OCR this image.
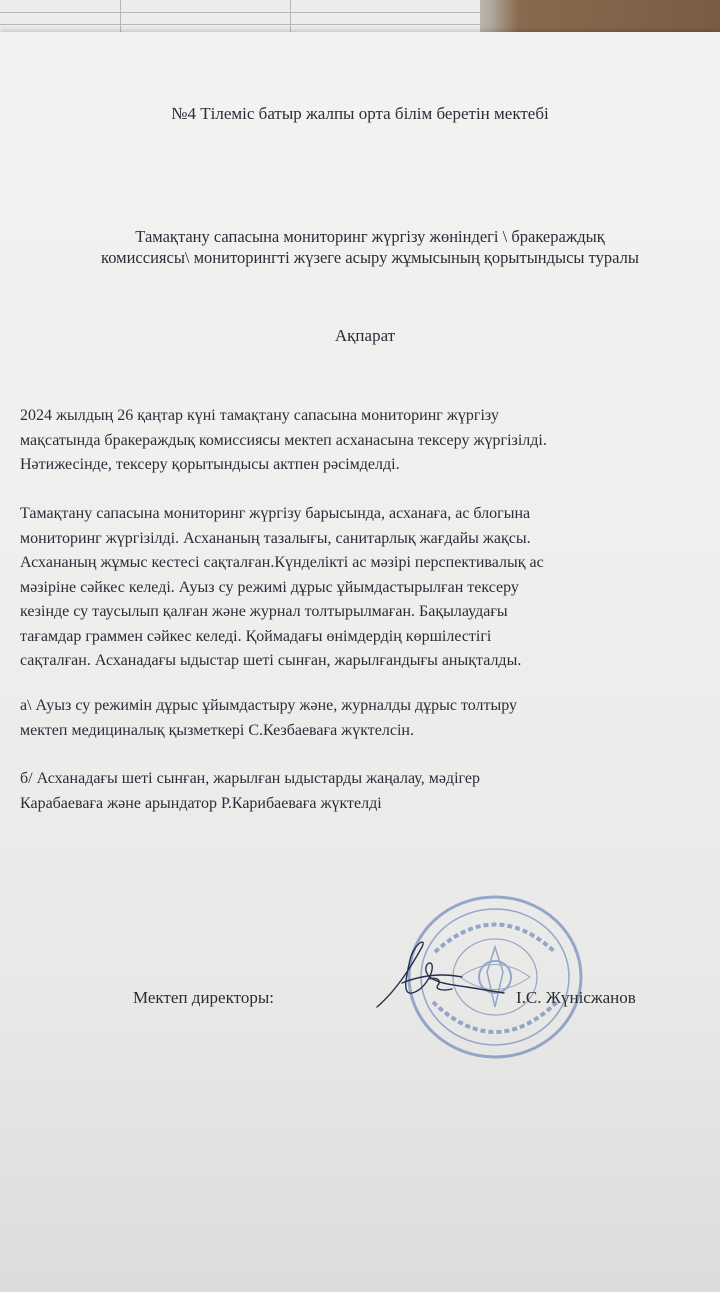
№4 Тілеміс батыр жалпы орта білім беретін мектебі
Тамақтану сапасына мониторинг жүргізу жөніндегі \ бракераждық
комиссиясы\ мониторингті жүзеге асыру жұмысының қорытындысы туралы
Ақпарат
2024 жылдың 26 қаңтар күні тамақтану сапасына мониторинг жүргізу
мақсатында бракераждық комиссиясы мектеп асханасына тексеру жүргізілді.
Нәтижесінде, тексеру қорытындысы актпен рәсімделді.
Тамақтану сапасына мониторинг жүргізу барысында, асханаға, ас блогына
мониторинг жүргізілді. Асхананың тазалығы, санитарлық жағдайы жақсы.
Асхананың жұмыс кестесі сақталған.Күнделікті ас мәзірі перспективалық ас
мәзіріне сәйкес келеді. Ауыз су режимі дұрыс ұйымдастырылған тексеру
кезінде су таусылып қалған және журнал толтырылмаған. Бақылаудағы
тағамдар граммен сәйкес келеді. Қоймадағы өнімдердің көршілестігі
сақталған. Асханадағы ыдыстар шеті сынған, жарылғандығы анықталды.
а\ Ауыз су режимін дұрыс ұйымдастыру және, журналды дұрыс толтыру
мектеп медициналық қызметкері С.Кезбаеваға жүктелсін.
б/ Асханадағы шеті сынған, жарылған ыдыстарды жаңалау, мәдігер
Карабаеваға және арындатор Р.Карибаеваға жүктелді
Мектеп директоры:	І.С. Жүнісжанов
